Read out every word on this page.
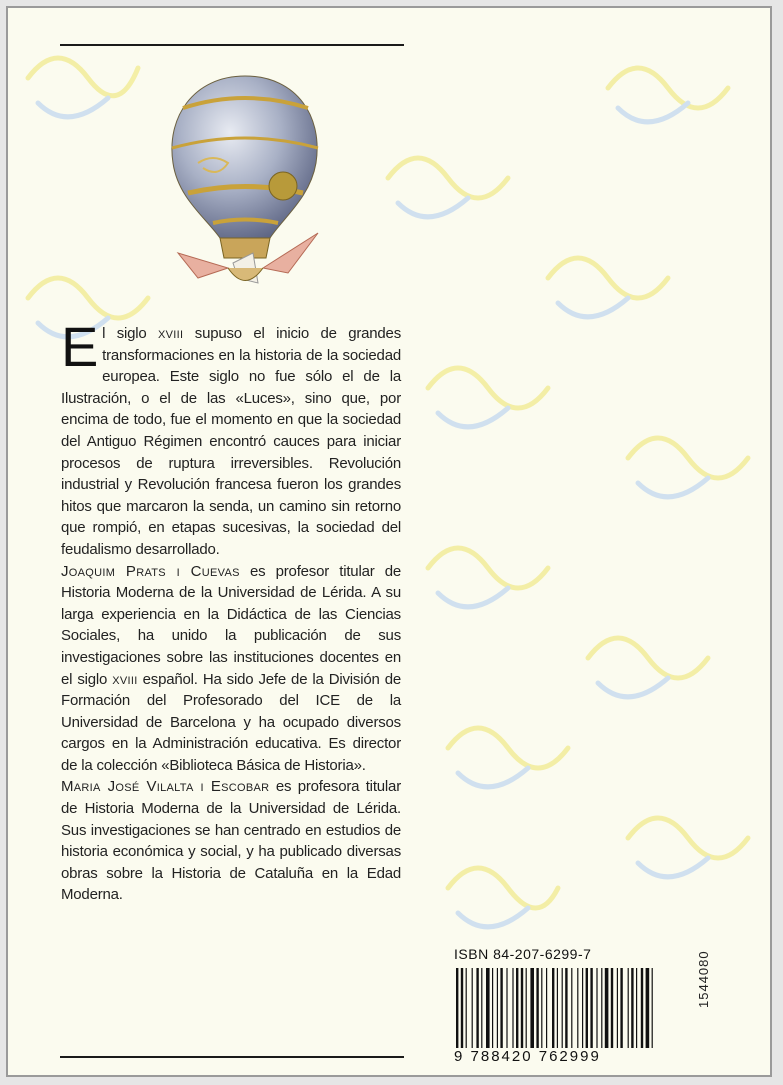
El siglo xviii supuso el inicio de grandes transformaciones en la historia de la sociedad europea. Este siglo no fue sólo el de la Ilustración, o el de las «Luces», sino que, por encima de todo, fue el momento en que la sociedad del Antiguo Régimen encontró cauces para iniciar procesos de ruptura irreversibles. Revolución industrial y Revolución francesa fueron los grandes hitos que marcaron la senda, un camino sin retorno que rompió, en etapas sucesivas, la sociedad del feudalismo desarrollado.

Joaquim Prats i Cuevas es profesor titular de Historia Moderna de la Universidad de Lérida. A su larga experiencia en la Didáctica de las Ciencias Sociales, ha unido la publicación de sus investigaciones sobre las instituciones docentes en el siglo xviii español. Ha sido Jefe de la División de Formación del Profesorado del ICE de la Universidad de Barcelona y ha ocupado diversos cargos en la Administración educativa. Es director de la colección «Biblioteca Básica de Historia».

Maria José Vilalta i Escobar es profesora titular de Historia Moderna de la Universidad de Lérida. Sus investigaciones se han centrado en estudios de historia económica y social, y ha publicado diversas obras sobre la Historia de Cataluña en la Edad Moderna.

ISBN 84-207-6299-7
9 788420 762999
1544080
